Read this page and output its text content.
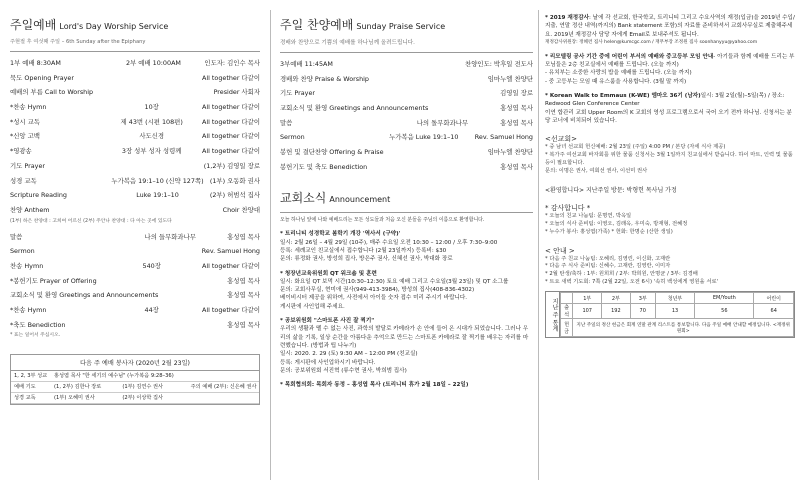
주일예배 Lord's Day Worship Service
주현절 후 여섯째 주일 – 6th Sunday after the Epiphany
1부 예배 8:30AM	2부 예배 10:00AM	인도자: 김인수 목사
묵도 Opening Prayer	All together 다같이
예배의 부름 Call to Worship	Presider 사회자
*찬송 Hymn	10장	All together 다같이
*성시 교독	제 43번 (시편 108편)	All together 다같이
*신앙 고백	사도신경	All together 다같이
*영광송	3장 성부 성자 성령께	All together 다같이
기도 Prayer	(1,2부) 김영일 장로
성경 교독	누가복음 19:1–10 (신약 127쪽) (1부) 오동화 권사
Scripture Reading	Luke 19:1–10	(2부) 허범석 집사
찬양 Anthem	Choir 찬양대
(1부) 하은 찬양대 : 고희여 어르신 (2부) 주안나 찬양대 : 다 아는 곳에 있도다
말씀	나의 들무화과나무	홍성엽 목사
Sermon	Rev. Samuel Hong
찬송 Hymn	540장	All together 다같이
*봉헌기도 Prayer of Offering	홍성엽 목사
교회소식 및 환영 Greetings and Announcements	홍성엽 목사
*찬송 Hymn	44장	All together 다같이
*축도 Benediction	홍성엽 목사
* 표는 일어서 주십시오.
다음 주 예배 봉사자 (2020년 2월 23일)
1, 2, 3부 성교	홍성엽 목사 "한 세기의 예수님" (누가복음 9:28–36)
예배 기도	(1, 2부) 김한나 장로	(1부) 김연수 권사	주의 예배 (2부): 신은혜 권사
성경 교독	(1부) 오혜미 권사	(2부) 이상학 집사
주일 찬양예배 Sunday Praise Service
경배와 찬양으로 기쁨의 예배를 하나님께 올려드립니다.
3부예배 11:45AM	찬양인도: 박후일 전도사
경배와 찬양 Praise & Worship	임마누엘 찬양단
기도 Prayer	김영일 장로
교회소식 및 환영 Greetings and Announcements	홍성엽 목사
말씀	나의 돌무화과나무	홍성엽 목사
Sermon	누가복음 Luke 19:1–10	Rev. Samuel Hong
봉헌 및 결단찬양 Offering & Praise	임마누엘 찬양단
봉헌기도 및 축도 Benediction	홍성엽 목사
교회소식 Announcement
오늘 하나님 앞에 나와 예배드리는 모든 성도들과 처음 오신 분들을 주님의 이름으로 환영합니다.
* 트리니티 성경학교 봄학기 개강 '역사서 (구약)'
일시: 2월 26일 – 4월 29일 (10주), 매주 수요일 오전 10:30 – 12:00 / 오후 7:30–9:00
등록: 세례교인 친교실에서 접수합니다 (2월 23일까지) 등록비: $30
문의: 류정화 권사, 방성희 집사, 방은주 권사, 신혜선 권사, 박대화 장로
* 청장년교육위원회 QT 워크숍 및 훈련
일시: 화요일 QT 보먹 시간(10:30–12:30) 토요 예배 그리고 수요일(3월 23일) 및 QT 소그룹
문의: 교회사무실, 현미애 권사(949-413-3984), 방성희 집사(408-836-4302)
베이비시터 제공을 위하여, 사전에서 아이들 숫자 접수 미리 주시기 바랍니다.
게시판에 사인업해 주세요.
* 공보위원회 "스마트폰 사진 잘 찍기"
우리의 생활과 뗄 수 없는 사진, 과학의 발달로 카메라가 손 안에 들어 온 시대가 되었습니다. 그러나 우리의 삶을 기록, 일상 순간을 아름다운 추억으로 만드는 스마트폰 카메라로 잘 찍기를 배우는 자리를 마련했습니다. (방법과 팁 나누기)
일시: 2020. 2. 29 (토) 9:30 AM – 12:00 PM (친교실)
등록: 게시판에 사인업하시기 바랍니다.
문의: 공보위원회 서진혁 (류수현 권사, 박희범 집사)
* 목회협의회: 목회자 동정 – 홍성엽 목사 (트리니티 휴가 2월 18일 – 22일)
* 2019 재정감사: 날에 각 선교회, 한국학교, 트리니티 그리고 수요사역의 재정(입금)을 2019년 수입/지출, 연말 정산 내역(까지의) Bank statement 포함)의 자료를 준비하셔서 교회사무실로 제출해주세요. 2019년 재정감사 담당 자에게 Email로 보내주셔도 됩니다.
재정감사위원장: 정혜련 집사 helen@kumcgc.com / 재무부장 조정원 집사 soonhanyyu@yahoo.com
* 리모델링 공사 기간 중에 어린이 부서의 예배와 중고등부 모임 안내- 아기들과 함께 예배를 드리는 부모님들은 2층 친교실에서 예배를 드립니다. (오늘 까지)
- 유치부는 소중한 사랑의 밥을 예배를 드립니다. (오늘 까지)
- 중 고등부는 모임 때 유스룸을 사용합니다. (3월 말 까지)
* Korean Walk to Emmaus (K-WE) 엠마오 36기 (남자)일시: 3월 2일(월)–5일(목) / 장소: Redwood Glen Conference Center
이연 합관리 교회 Upper Room의 K 교회의 영성 프로그램으로서 국어 오기 전까 하나님. 신청서는 분당 코너에 비치되어 있습니다.
<선교회>
* 중 남녀 선교회 헌신예배: 2월 23일 (주일) 4:00 PM / 본당 (자세 식사 제공)
* 복가주 여선교회 바자회를 위한 물품 신청서는 3월 1일까지 친교실에서 받습니다. 하이 마트, 인력 및 물품 등이 필요합니다.
문의: 이명은 권사, 여회선 권사, 이선미 권사
<환영합니다> 지난주일 방문: 박형헌 목사님 가정
* 감사합니다 *
* 오늘의 친교 나눔팀: 문명연, 박옥일
* 오늘의 식사 준비팀: 이영오, 김래옥, 우미숙, 방재형, 전혜정
* 누수가 봉사: 홍성엽(가족) * 헌화: 한명순 (산한 생일)
< 안내 >
* 다음 주 친교 나눔팀: 오혜리, 김영린, 이신화, 고재란
* 다음 주 식사 준비팀: 신혜수, 고재란, 김영란, 이미자
* 2월 탄생/축하 : 1부: 원희희 / 2부: 박희원, 안명균 / 3부: 김경배
* 트요 새벽 기도회: 7쪽 (2월 22일, 오전 6시) '속히 백성에게 영원을 서로'
지난 주 통계
		1부	2부	3부	청년부	EM/Youth	어린이
출석	107	192	70	13	56	64
헌금	지난 주일의 정산 헌금은 회계 연말 관계 리스트를 통보합니다. 다음 주일 예배 안내할 예정입니다. <재정위원회>					
